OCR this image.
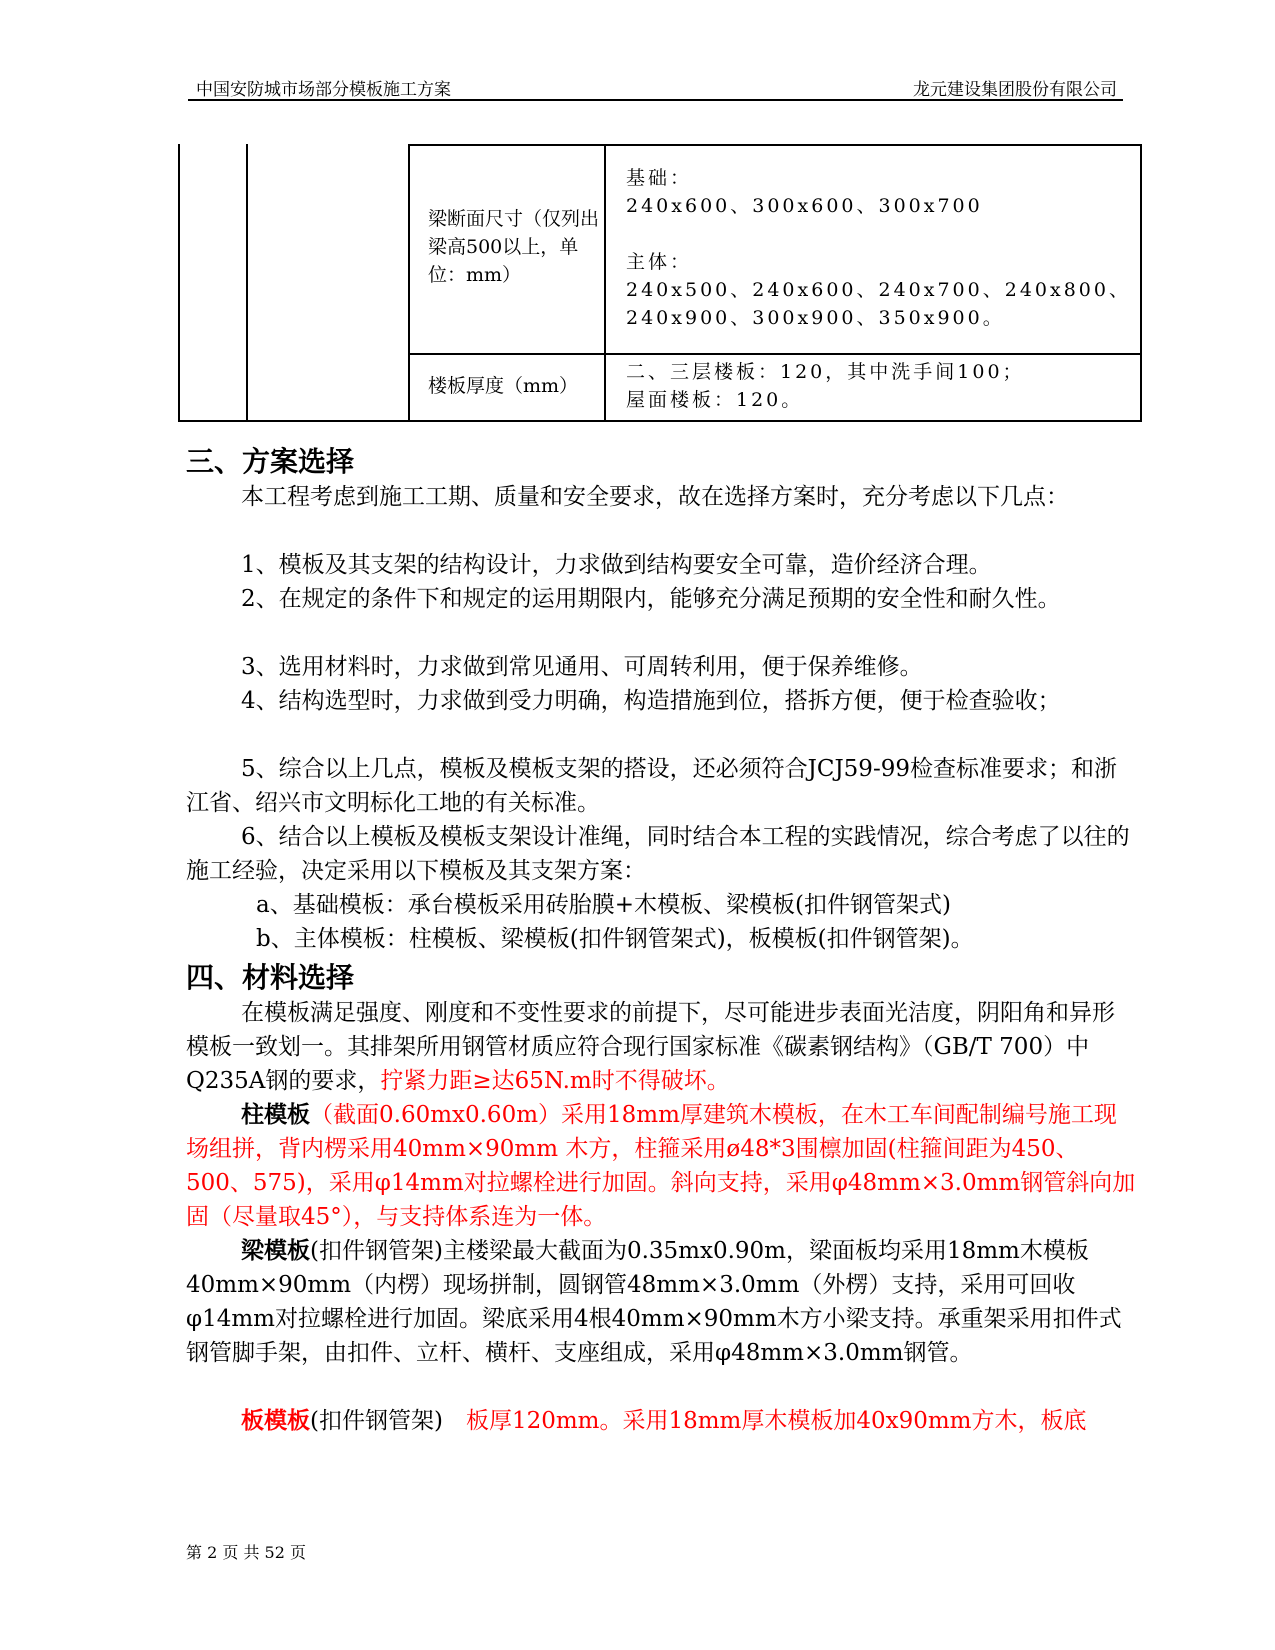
中国安防城市场部分模板施工方案	龙元建设集团股份有限公司
梁断面尺寸（仅列出梁高500以上，单位：mm）
基础：
240x600、300x600、300x700
主体：
240x500、240x600、240x700、240x800、
240x900、300x900、350x900。
楼板厚度（mm）
二、三层楼板：120，其中洗手间100；
屋面楼板：120。
三、方案选择
本工程考虑到施工工期、质量和安全要求，故在选择方案时，充分考虑以下几点：
1、模板及其支架的结构设计，力求做到结构要安全可靠，造价经济合理。
2、在规定的条件下和规定的运用期限内，能够充分满足预期的安全性和耐久性。
3、选用材料时，力求做到常见通用、可周转利用，便于保养维修。
4、结构选型时，力求做到受力明确，构造措施到位，搭拆方便，便于检查验收；
5、综合以上几点，模板及模板支架的搭设，还必须符合JCJ59-99检查标准要求；和浙江省、绍兴市文明标化工地的有关标准。
6、结合以上模板及模板支架设计准绳，同时结合本工程的实践情况，综合考虑了以往的施工经验，决定采用以下模板及其支架方案：
a、基础模板：承台模板采用砖胎膜+木模板、梁模板(扣件钢管架式)
b、主体模板：柱模板、梁模板(扣件钢管架式)，板模板(扣件钢管架)。
四、材料选择
在模板满足强度、刚度和不变性要求的前提下，尽可能进步表面光洁度，阴阳角和异形模板一致划一。其排架所用钢管材质应符合现行国家标准《碳素钢结构》（GB/T 700）中Q235A钢的要求，拧紧力距≥达65N.m时不得破坏。
柱模板（截面0.60mx0.60m）采用18mm厚建筑木模板，在木工车间配制编号施工现场组拼，背内楞采用40mm×90mm 木方，柱箍采用ø48*3围檩加固(柱箍间距为450、500、575)，采用φ14mm对拉螺栓进行加固。斜向支持，采用φ48mm×3.0mm钢管斜向加固（尽量取45°），与支持体系连为一体。
梁模板(扣件钢管架)主楼梁最大截面为0.35mx0.90m，梁面板均采用18mm木模板40mm×90mm（内楞）现场拼制，圆钢管48mm×3.0mm（外楞）支持，采用可回收φ14mm对拉螺栓进行加固。梁底采用4根40mm×90mm木方小梁支持。承重架采用扣件式钢管脚手架，由扣件、立杆、横杆、支座组成，采用φ48mm×3.0mm钢管。
板模板(扣件钢管架)　板厚120mm。采用18mm厚木模板加40x90mm方木，板底
第 2 页 共 52 页
